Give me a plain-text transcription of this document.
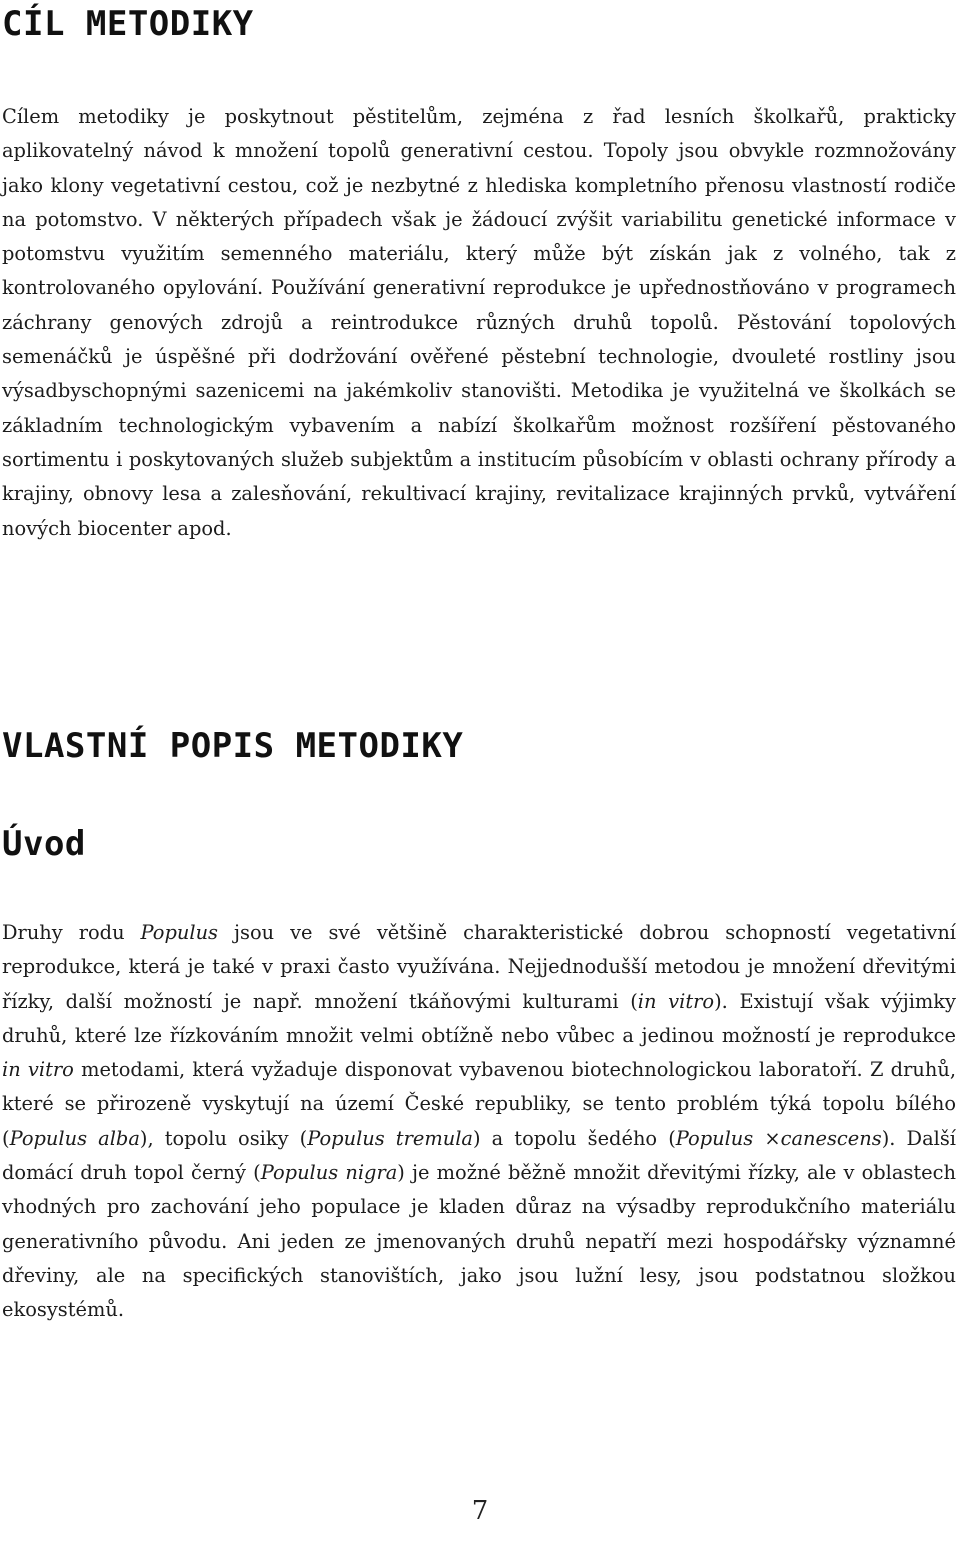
CÍL METODIKY

Cílem metodiky je poskytnout pěstitelům, zejména z řad lesních školkařů, prakticky aplikovatelný návod k množení topolů generativní cestou. Topoly jsou obvykle rozmnožovány jako klony vegetativní cestou, což je nezbytné z hlediska kompletního přenosu vlastností rodiče na potomstvo. V některých případech však je žádoucí zvýšit variabilitu genetické informace v potomstvu využitím semenného materiálu, který může být získán jak z volného, tak z kontrolovaného opylování. Používání generativní reprodukce je upřednostňováno v programech záchrany genových zdrojů a reintrodukce různých druhů topolů. Pěstování topolových semenáčků je úspěšné při dodržování ověřené pěstební technologie, dvouleté rostliny jsou výsadbyschopnými sazenicemi na jakémkoliv stanovišti. Metodika je využitelná ve školkách se základním technologickým vybavením a nabízí školkařům možnost rozšíření pěstovaného sortimentu i poskytovaných služeb subjektům a institucím působícím v oblasti ochrany přírody a krajiny, obnovy lesa a zalesňování, rekultivací krajiny, revitalizace krajinných prvků, vytváření nových biocenter apod.

VLASTNÍ POPIS METODIKY
Úvod

Druhy rodu Populus jsou ve své většině charakteristické dobrou schopností vegetativní reprodukce, která je také v praxi často využívána. Nejjednodušší metodou je množení dřevitými řízky, další možností je např. množení tkáňovými kulturami (in vitro). Existují však výjimky druhů, které lze řízkováním množit velmi obtížně nebo vůbec a jedinou možností je reprodukce in vitro metodami, která vyžaduje disponovat vybavenou biotechnologickou laboratoří. Z druhů, které se přirozeně vyskytují na území České republiky, se tento problém týká topolu bílého (Populus alba), topolu osiky (Populus tremula) a topolu šedého (Populus ×canescens). Další domácí druh topol černý (Populus nigra) je možné běžně množit dřevitými řízky, ale v oblastech vhodných pro zachování jeho populace je kladen důraz na výsadby reprodukčního materiálu generativního původu. Ani jeden ze jmenovaných druhů nepatří mezi hospodářsky významné dřeviny, ale na specifických stanovištích, jako jsou lužní lesy, jsou podstatnou složkou ekosystémů.

7
